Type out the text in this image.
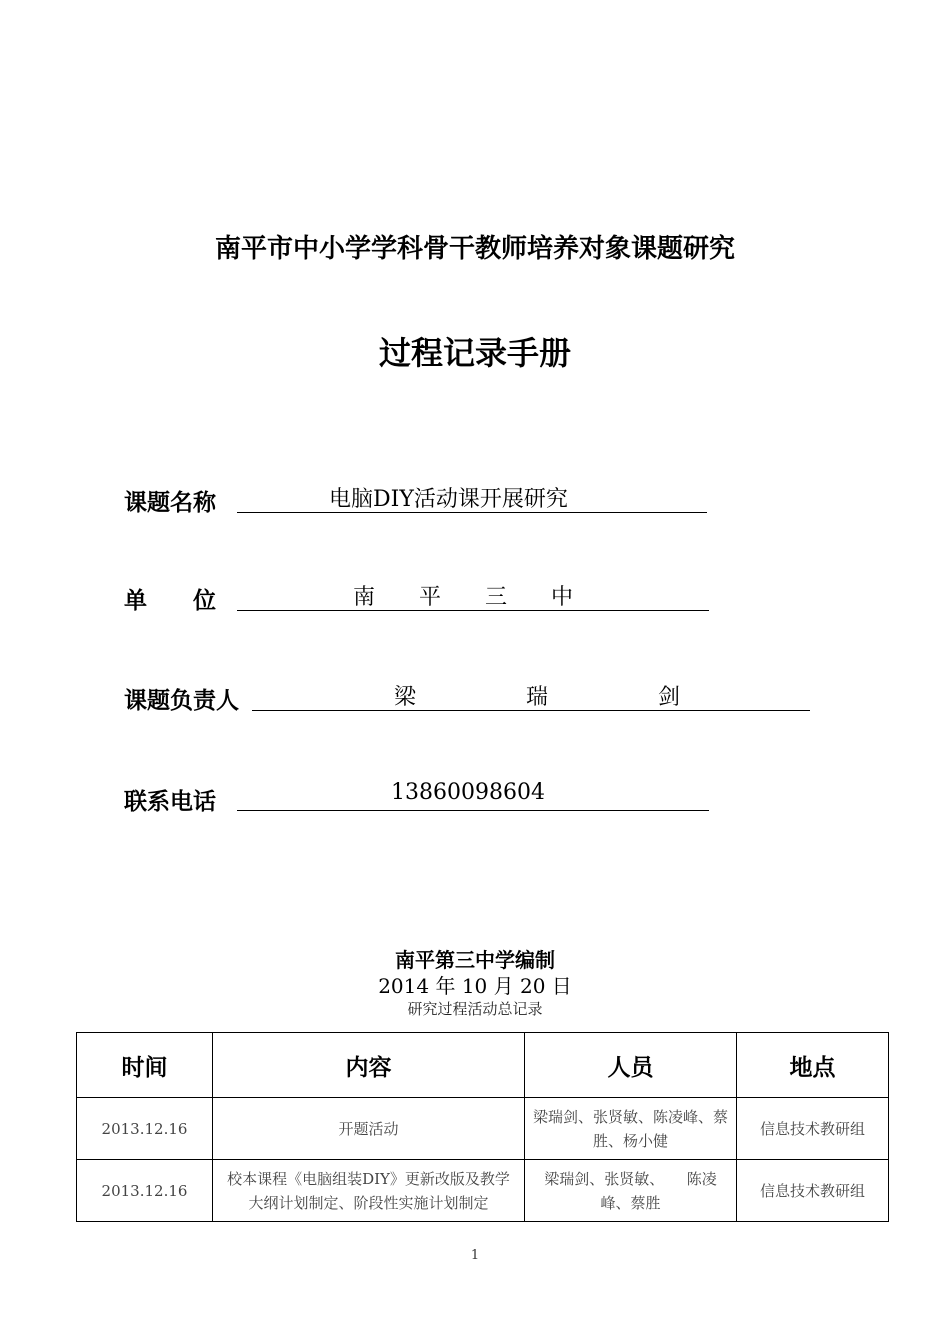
南平市中小学学科骨干教师培养对象课题研究
过程记录手册
课题名称

	电脑DIY活动课开展研究

单　　位

	南　　平　　三　　中

课题负责人

	梁　　　　　瑞　　　　　剑

联系电话

	13860098604

南平第三中学编制
2014 年 10 月 20 日
研究过程活动总记录
时间	内容	人员	地点
2013.12.16	开题活动	梁瑞剑、张贤敏、陈凌峰、蔡胜、杨小健	信息技术教研组
2013.12.16	校本课程《电脑组装DIY》更新改版及教学大纲计划制定、阶段性实施计划制定	梁瑞剑、张贤敏、　　陈凌峰、蔡胜	信息技术教研组
1
